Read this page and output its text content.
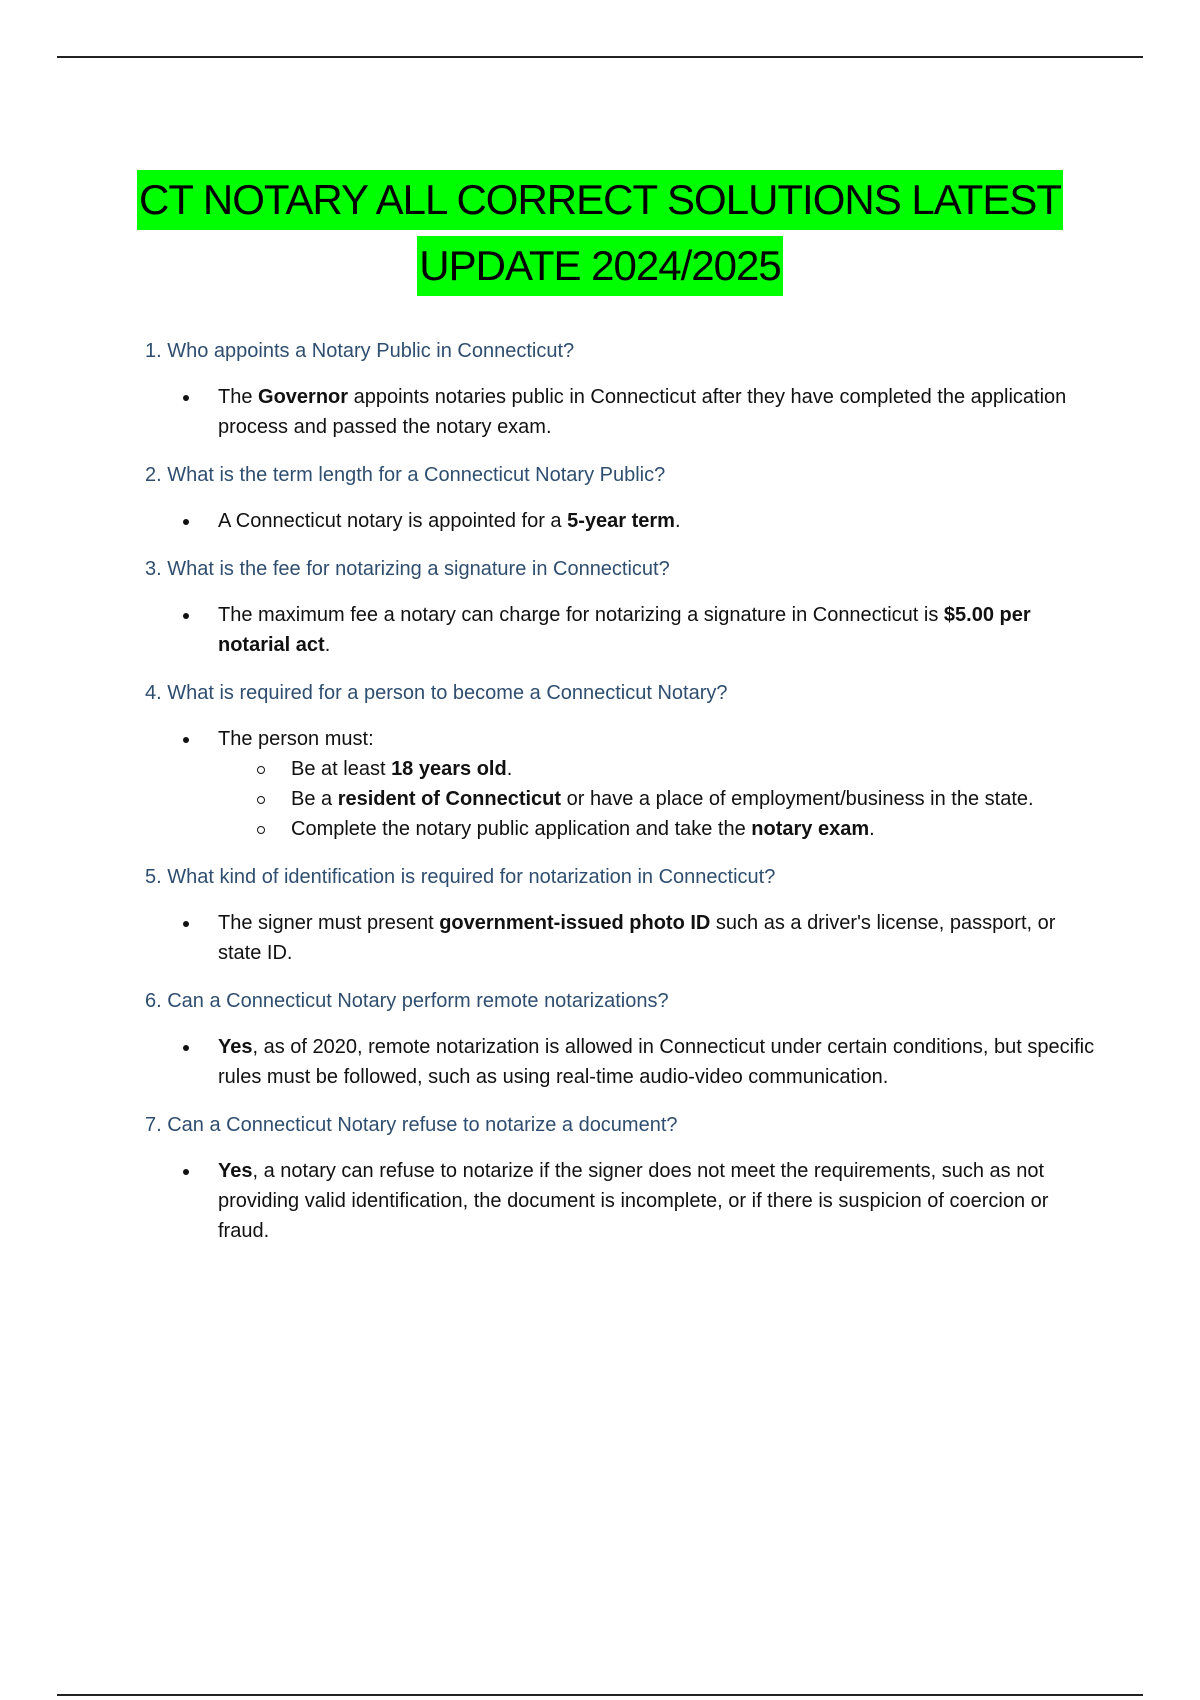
CT NOTARY ALL CORRECT SOLUTIONS LATEST
UPDATE 2024/2025

1. Who appoints a Notary Public in Connecticut?

The Governor appoints notaries public in Connecticut after they have completed the application process and passed the notary exam.

2. What is the term length for a Connecticut Notary Public?

A Connecticut notary is appointed for a 5-year term.

3. What is the fee for notarizing a signature in Connecticut?

The maximum fee a notary can charge for notarizing a signature in Connecticut is $5.00 per notarial act.

4. What is required for a person to become a Connecticut Notary?

The person must:
Be at least 18 years old.
Be a resident of Connecticut or have a place of employment/business in the state.
Complete the notary public application and take the notary exam.

5. What kind of identification is required for notarization in Connecticut?

The signer must present government-issued photo ID such as a driver's license, passport, or state ID.

6. Can a Connecticut Notary perform remote notarizations?

Yes, as of 2020, remote notarization is allowed in Connecticut under certain conditions, but specific rules must be followed, such as using real-time audio-video communication.

7. Can a Connecticut Notary refuse to notarize a document?

Yes, a notary can refuse to notarize if the signer does not meet the requirements, such as not providing valid identification, the document is incomplete, or if there is suspicion of coercion or fraud.
